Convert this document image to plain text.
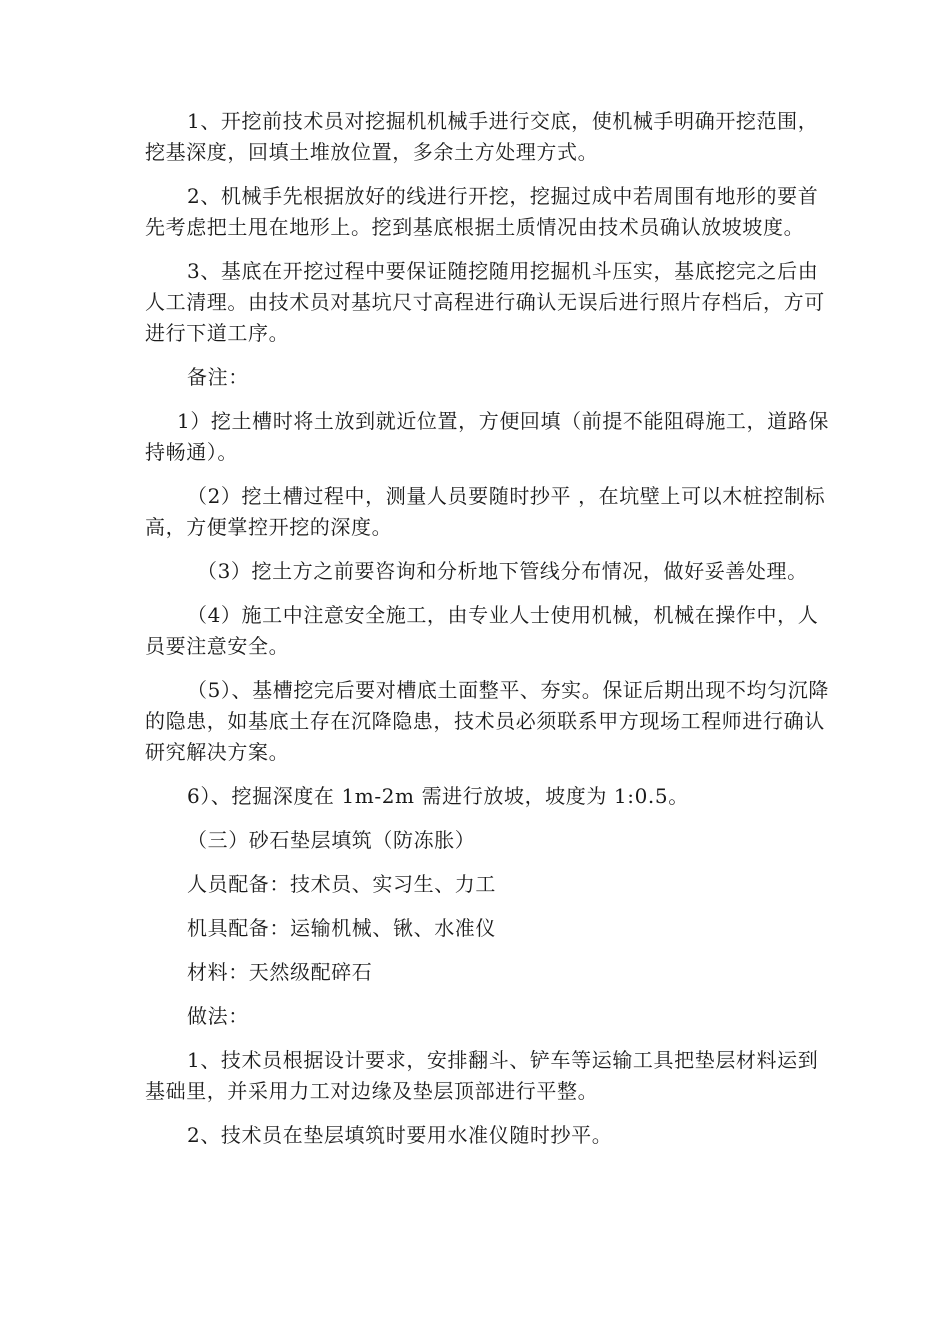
1、开挖前技术员对挖掘机机械手进行交底，使机械手明确开挖范围，挖基深度，回填土堆放位置，多余土方处理方式。

2、机械手先根据放好的线进行开挖，挖掘过成中若周围有地形的要首先考虑把土甩在地形上。挖到基底根据土质情况由技术员确认放坡坡度。

3、基底在开挖过程中要保证随挖随用挖掘机斗压实，基底挖完之后由人工清理。由技术员对基坑尺寸高程进行确认无误后进行照片存档后，方可进行下道工序。

备注：

1）挖土槽时将土放到就近位置，方便回填（前提不能阻碍施工，道路保持畅通）。

（2）挖土槽过程中，测量人员要随时抄平 ，在坑壁上可以木桩控制标高，方便掌控开挖的深度。

（3）挖土方之前要咨询和分析地下管线分布情况，做好妥善处理。

（4）施工中注意安全施工，由专业人士使用机械，机械在操作中，人员要注意安全。

（5）、基槽挖完后要对槽底土面整平、夯实。保证后期出现不均匀沉降的隐患，如基底土存在沉降隐患，技术员必须联系甲方现场工程师进行确认研究解决方案。

6）、挖掘深度在 1m-2m 需进行放坡，坡度为 1:0.5。

（三）砂石垫层填筑（防冻胀）

人员配备：技术员、实习生、力工

机具配备：运输机械、锹、水准仪

材料：天然级配碎石

做法：

1、技术员根据设计要求，安排翻斗、铲车等运输工具把垫层材料运到基础里，并采用力工对边缘及垫层顶部进行平整。

2、技术员在垫层填筑时要用水准仪随时抄平。
